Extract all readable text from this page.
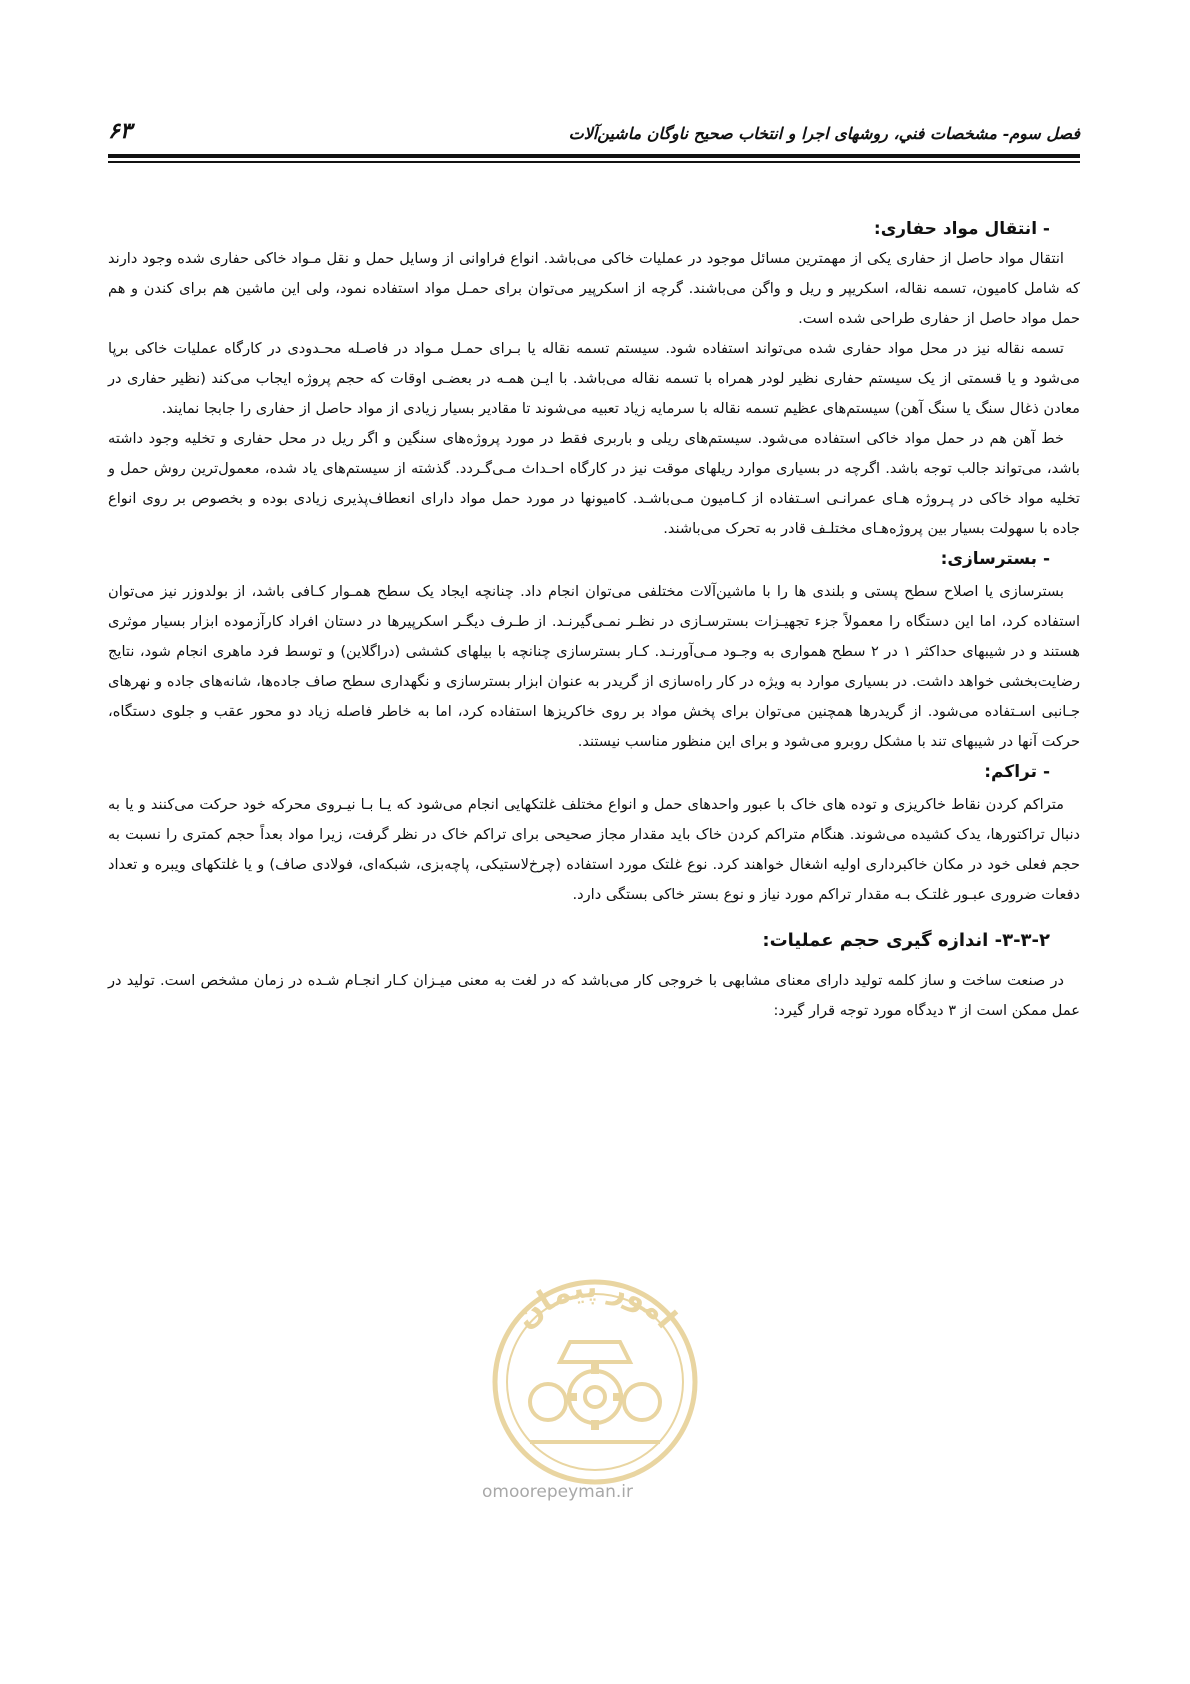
فصل سوم- مشخصات فني، روشهای اجرا و انتخاب صحیح ناوگان ماشين‌آلات
۶۳
- انتقال مواد حفاری:

انتقال مواد حاصل از حفاری یکی از مهمترین مسائل موجود در عملیات خاکی می‌باشد. انواع فراوانی از وسایل حمل و نقل مـواد خاکی حفاری شده وجود دارند که شامل کامیون، تسمه نقاله، اسکریپر و ریل و واگن می‌باشند. گرچه از اسکرپیر می‌توان برای حمـل مواد استفاده نمود، ولی این ماشین هم برای کندن و هم حمل مواد حاصل از حفاری طراحی شده است.

تسمه نقاله نیز در محل مواد حفاری شده می‌تواند استفاده شود. سیستم تسمه نقاله یا بـرای حمـل مـواد در فاصـله محـدودی در کارگاه عملیات خاکی برپا می‌شود و یا قسمتی از یک سیستم حفاری نظیر لودر همراه با تسمه نقاله می‌باشد. با ایـن همـه در بعضـی اوقات که حجم پروژه ایجاب می‌کند (نظیر حفاری در معادن ذغال سنگ یا سنگ آهن) سیستم‌های عظیم تسمه نقاله با سرمایه زیاد تعبیه می‌شوند تا مقادیر بسیار زیادی از مواد حاصل از حفاری را جابجا نمایند.

خط آهن هم در حمل مواد خاکی استفاده می‌شود. سیستم‌های ریلی و باربری فقط در مورد پروژه‌های سنگین و اگر ریل در محل حفاری و تخلیه وجود داشته باشد، می‌تواند جالب توجه باشد. اگرچه در بسیاری موارد ریلهای موقت نیز در کارگاه احـداث مـی‌گـردد. گذشته از سیستم‌های یاد شده، معمول‌ترین روش حمل و تخلیه مواد خاکی در پـروژه هـای عمرانـی اسـتفاده از کـامیون مـی‌باشـد. کامیونها در مورد حمل مواد دارای انعطاف‌پذیری زیادی بوده و بخصوص بر روی انواع جاده با سهولت بسیار بین پروژه‌هـای مختلـف قادر به تحرک می‌باشند.

- بسترسازی:

بسترسازی یا اصلاح سطح پستی و بلندی ها را با ماشین‌آلات مختلفی می‌توان انجام داد. چنانچه ایجاد یک سطح همـوار کـافی باشد، از بولدوزر نیز می‌توان استفاده کرد، اما این دستگاه را معمولاً جزء تجهیـزات بسترسـازی در نظـر نمـی‌گیرنـد. از طـرف دیگـر اسکرپیرها در دستان افراد کارآزموده ابزار بسیار موثری هستند و در شیبهای حداکثر ۱ در ۲ سطح همواری به وجـود مـی‌آورنـد. کـار بسترسازی چنانچه با بیلهای کششی (دراگلاین) و توسط فرد ماهری انجام شود، نتایج رضایت‌بخشی خواهد داشت. در بسیاری موارد به ویژه در کار راه‌سازی از گریدر به عنوان ابزار بسترسازی و نگهداری سطح صاف جاده‌ها، شانه‌های جاده و نهرهای جـانبی اسـتفاده می‌شود. از گریدرها همچنین می‌توان برای پخش مواد بر روی خاکریزها استفاده کرد، اما به خاطر فاصله زیاد دو محور عقب و جلوی دستگاه، حرکت آنها در شیبهای تند با مشکل روبرو می‌شود و برای این منظور مناسب نیستند.

- تراکم:

متراکم کردن نقاط خاکریزی و توده های خاک با عبور واحدهای حمل و انواع مختلف غلتکهایی انجام می‌شود که یـا بـا نیـروی محرکه خود حرکت می‌کنند و یا به دنبال تراکتورها، یدک کشیده می‌شوند. هنگام متراکم کردن خاک باید مقدار مجاز صحیحی برای تراکم خاک در نظر گرفت، زیرا مواد بعداً حجم کمتری را نسبت به حجم فعلی خود در مکان خاکبرداری اولیه اشغال خواهند کرد. نوع غلتک مورد استفاده (چرخ‌لاستیکی، پاچه‌بزی، شبکه‌ای، فولادی صاف) و یا غلتکهای ویبره و تعداد دفعات ضروری عبـور غلتـک بـه مقدار تراکم مورد نیاز و نوع بستر خاکی بستگی دارد.

۳-۳-۲- اندازه گیری حجم عملیات:

در صنعت ساخت و ساز کلمه تولید دارای معنای مشابهی با خروجی کار می‌باشد که در لغت به معنی میـزان کـار انجـام شـده در زمان مشخص است. تولید در عمل ممکن است از ۳ دیدگاه مورد توجه قرار گیرد:

امور پیمان
omoorepeyman.ir
